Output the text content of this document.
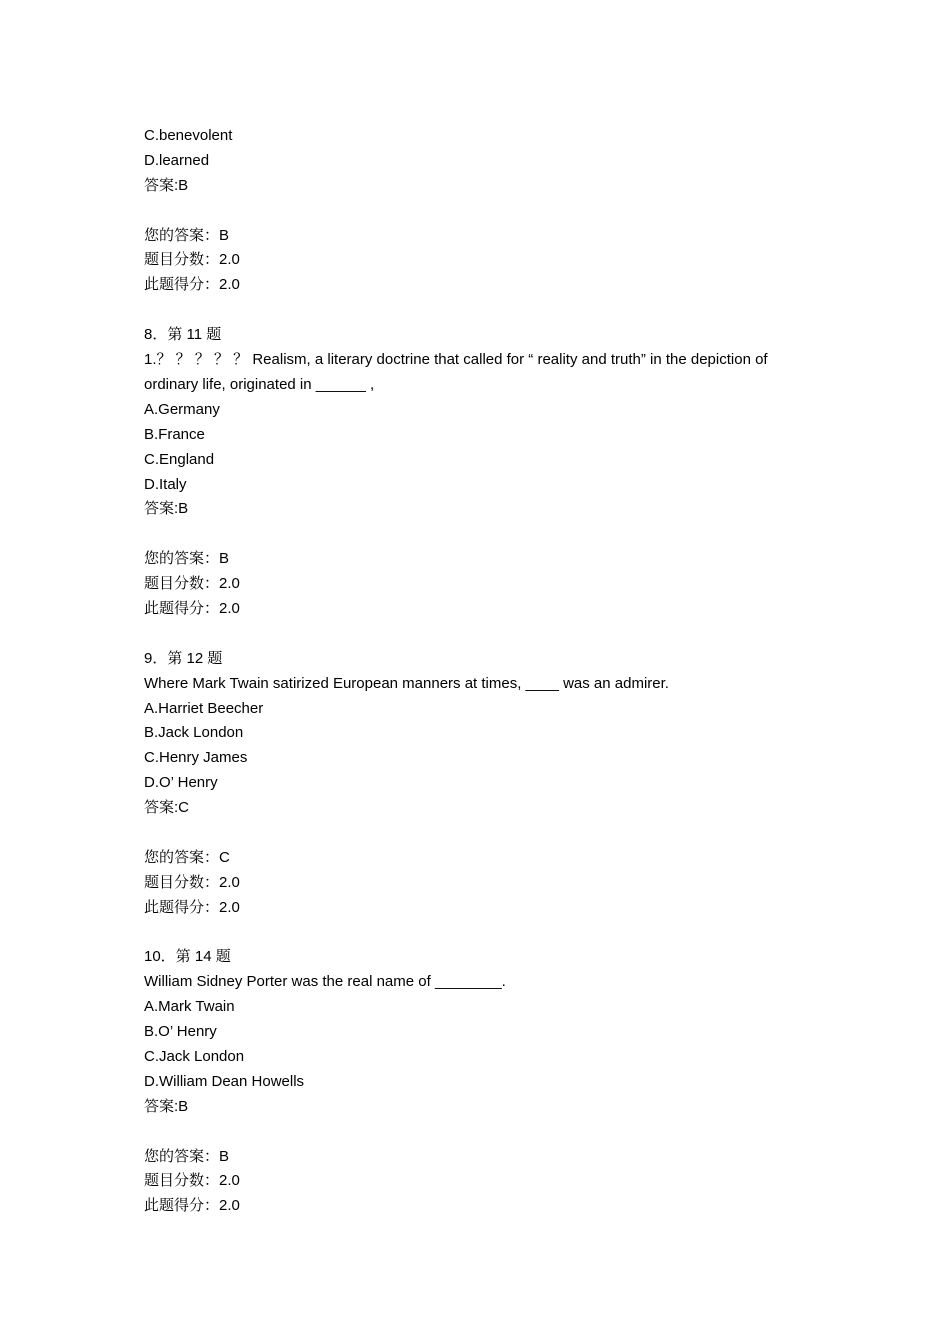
C.benevolent
D.learned
答案:B
您的答案：B
题目分数：2.0
此题得分：2.0
8．第 11 题
1.？ ？ ？ ？ ？ Realism, a literary doctrine that called for “ reality and truth” in the depiction of ordinary life, originated in ______ ,
A.Germany
B.France
C.England
D.Italy
答案:B
您的答案：B
题目分数：2.0
此题得分：2.0
9．第 12 题
Where Mark Twain satirized European manners at times, ____ was an admirer.
A.Harriet Beecher
B.Jack London
C.Henry James
D.O’ Henry
答案:C
您的答案：C
题目分数：2.0
此题得分：2.0
10．第 14 题
William Sidney Porter was the real name of ________.
A.Mark Twain
B.O’ Henry
C.Jack London
D.William Dean Howells
答案:B
您的答案：B
题目分数：2.0
此题得分：2.0
